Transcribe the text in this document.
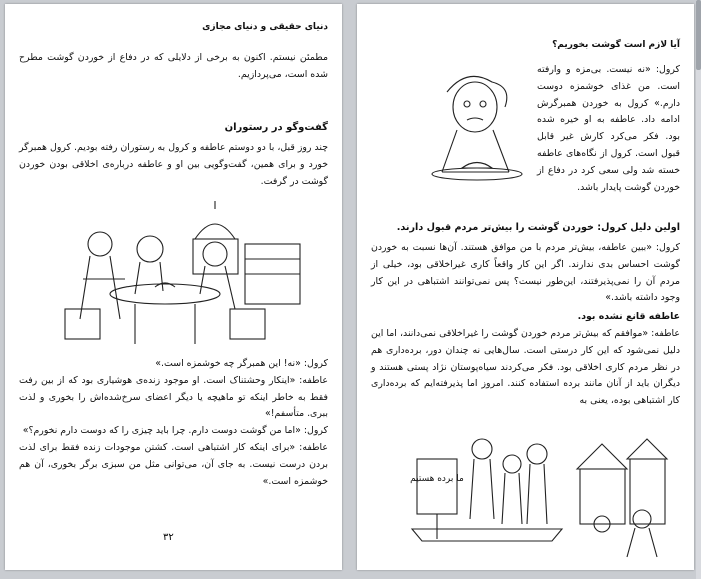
دنیای حقیقی و دنیای مجازی
مطمئن نیستم. اکنون به برخی از دلایلی که در دفاع از خوردن گوشت مطرح شده است، می‌پردازیم.
گفت‌وگو در رستوران
چند روز قبل، با دو دوستم عاطفه و کرول به رستوران رفته بودیم. کرول همبرگر خورد و برای همین، گفت‌وگویی بین او و عاطفه درباره‌ی اخلاقی بودن خوردن گوشت در گرفت.
کرول: «نه! این همبرگر چه خوشمزه است.»
عاطفه: «اینکار وحشتناک است. او موجود زنده‌ی هوشیاری بود که از بین رفت فقط به خاطر اینکه تو ماهیچه یا دیگر اعضای سرخ‌شده‌اش را بخوری و لذت ببری. متأسفم!»
کرول: «اما من گوشت دوست دارم. چرا باید چیزی را که دوست دارم نخورم؟»
عاطفه: «برای اینکه کار اشتباهی است. کشتن موجودات زنده فقط برای لذت بردن درست نیست. به جای آن، می‌توانی مثل من سبزی برگر بخوری، آن هم خوشمزه است.»
۳۲
آیا لازم است گوشت بخوریم؟
کرول: «نه نیست. بی‌مزه و وارفته است. من غذای خوشمزه دوست دارم.» کرول به خوردن همبرگرش ادامه داد. عاطفه به او خیره شده بود. فکر می‌کرد کارش غیر قابل قبول است. کرول از نگاه‌های عاطفه خسته شد ولی سعی کرد در دفاع از خوردن گوشت پایدار باشد.
اولین دلیل کرول: خوردن گوشت را بیش‌تر مردم قبول دارند.
کرول: «ببین عاطفه، بیش‌تر مردم با من موافق هستند. آن‌ها نسبت به خوردن گوشت احساس بدی ندارند. اگر این کار واقعاً کاری غیراخلاقی بود، خیلی از مردم آن را نمی‌پذیرفتند، این‌طور نیست؟ پس نمی‌توانند اشتباهی در این کار وجود داشته باشد.»
عاطفه قانع نشده بود.
عاطفه: «موافقم که بیش‌تر مردم خوردن گوشت را غیراخلاقی نمی‌دانند، اما این دلیل نمی‌شود که این کار درستی است. سال‌هایی نه چندان دور، برده‌داری هم در نظر مردم کاری اخلاقی بود. فکر می‌کردند سیاه‌پوستان نژاد پستی هستند و دیگران باید از آنان مانند برده استفاده کنند. امروز اما پذیرفته‌ایم که برده‌داری کار اشتباهی بوده، یعنی به
ما برده هستیم
